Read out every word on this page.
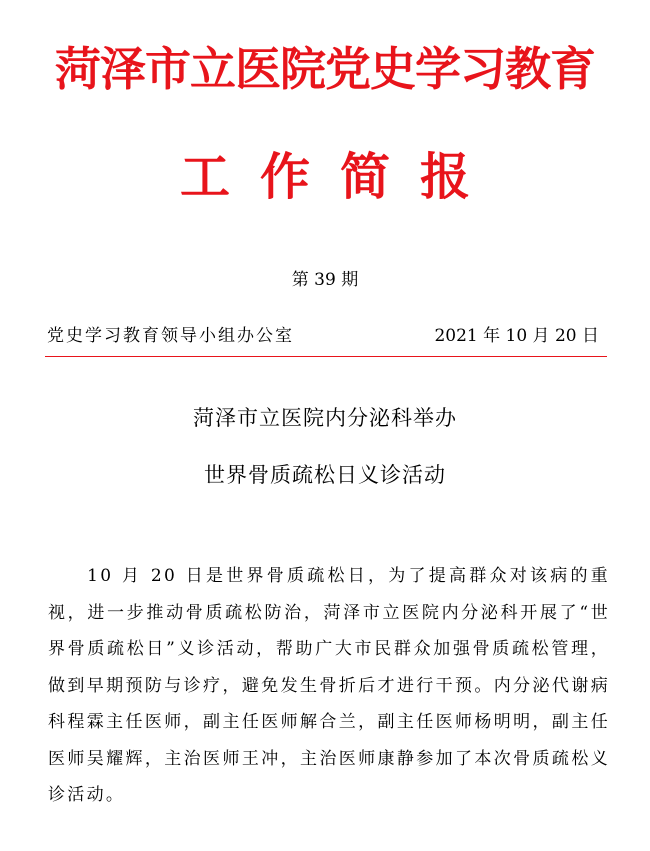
菏泽市立医院党史学习教育
工作简报
第 39 期
党史学习教育领导小组办公室	2021 年 10 月 20 日
菏泽市立医院内分泌科举办
世界骨质疏松日义诊活动

10 月 20 日是世界骨质疏松日，为了提高群众对该病的重视，进一步推动骨质疏松防治，菏泽市立医院内分泌科开展了“世界骨质疏松日”义诊活动，帮助广大市民群众加强骨质疏松管理，做到早期预防与诊疗，避免发生骨折后才进行干预。内分泌代谢病科程霖主任医师，副主任医师解合兰，副主任医师杨明明，副主任医师吴耀辉，主治医师王冲，主治医师康静参加了本次骨质疏松义诊活动。
